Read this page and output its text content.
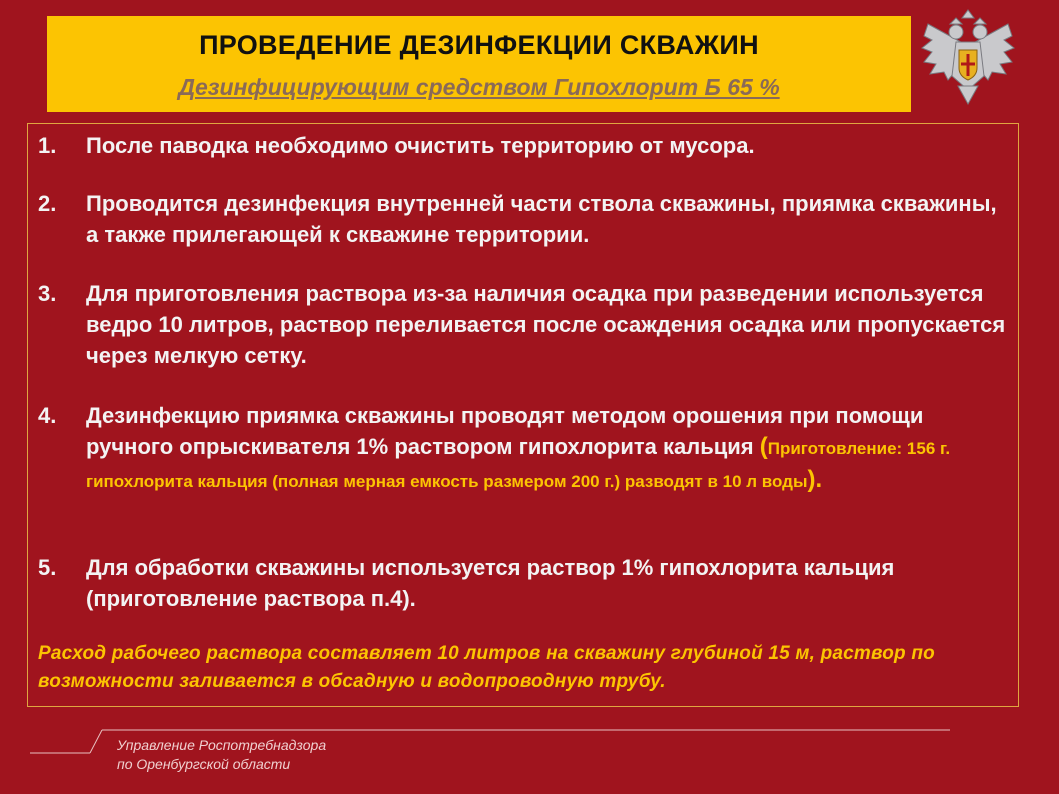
ПРОВЕДЕНИЕ ДЕЗИНФЕКЦИИ СКВАЖИН
Дезинфицирующим средством Гипохлорит Б 65 %
1. После паводка необходимо очистить территорию от мусора.
2. Проводится дезинфекция внутренней части ствола скважины, приямка скважины, а также прилегающей к скважине территории.
3. Для приготовления раствора из-за наличия осадка при разведении используется ведро 10 литров, раствор переливается после осаждения осадка или пропускается через мелкую сетку.
4. Дезинфекцию приямка скважины проводят методом орошения при помощи ручного опрыскивателя 1% раствором гипохлорита кальция (Приготовление: 156 г. гипохлорита кальция (полная мерная емкость размером 200 г.) разводят в 10 л воды).
5. Для обработки скважины используется раствор 1% гипохлорита кальция (приготовление раствора п.4).
Расход рабочего раствора составляет 10 литров на скважину глубиной 15 м, раствор по возможности заливается в обсадную и водопроводную трубу.
Управление Роспотребнадзора
по Оренбургской области
